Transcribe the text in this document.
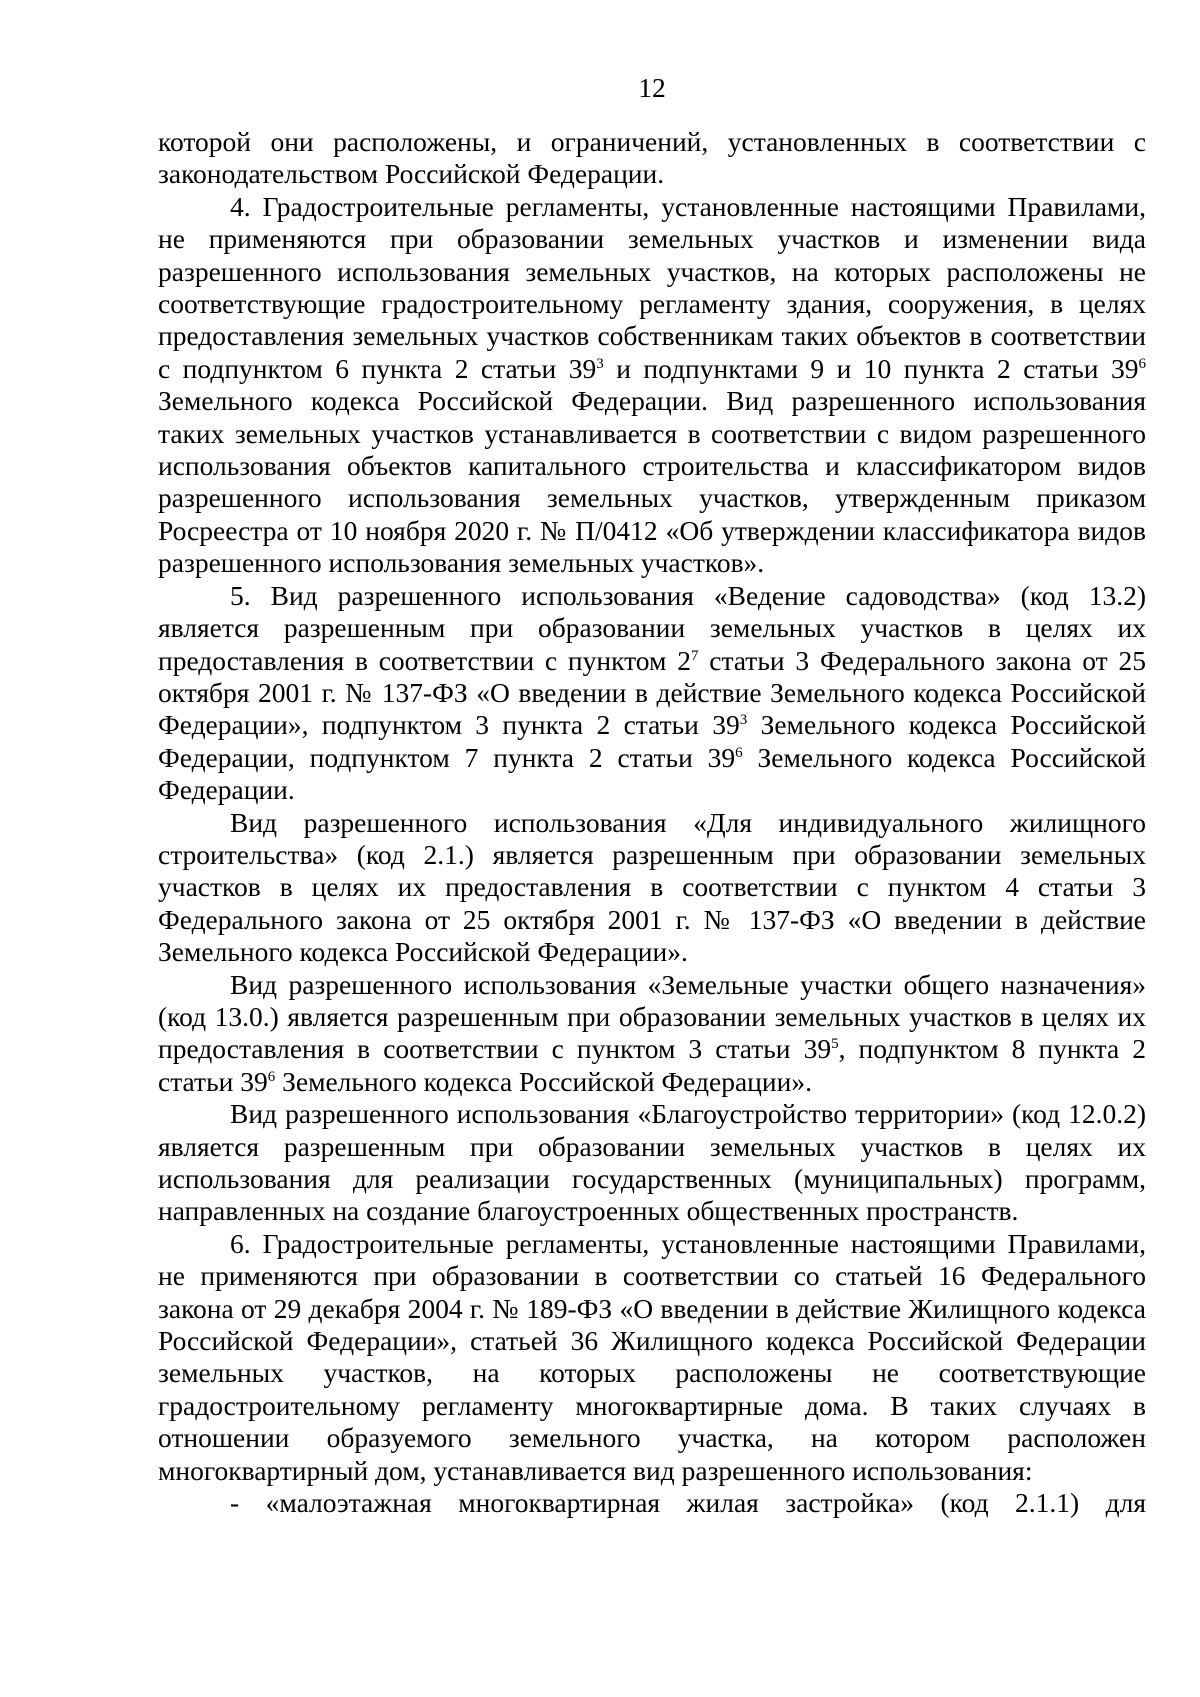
12

которой они расположены, и ограничений, установленных в соответствии с законодательством Российской Федерации.

4. Градостроительные регламенты, установленные настоящими Правилами, не применяются при образовании земельных участков и изменении вида разрешенного использования земельных участков, на которых расположены не соответствующие градостроительному регламенту здания, сооружения, в целях предоставления земельных участков собственникам таких объектов в соответствии с подпунктом 6 пункта 2 статьи $39^3$ и подпунктами 9 и 10 пункта 2 статьи $39^6$ Земельного кодекса Российской Федерации. Вид разрешенного использования таких земельных участков устанавливается в соответствии с видом разрешенного использования объектов капитального строительства и классификатором видов разрешенного использования земельных участков, утвержденным приказом Росреестра от 10 ноября 2020 г. № П/0412 «Об утверждении классификатора видов разрешенного использования земельных участков».

5. Вид разрешенного использования «Ведение садоводства» (код 13.2) является разрешенным при образовании земельных участков в целях их предоставления в соответствии с пунктом $2^7$ статьи 3 Федерального закона от 25 октября 2001 г. № 137-ФЗ «О введении в действие Земельного кодекса Российской Федерации», подпунктом 3 пункта 2 статьи $39^3$ Земельного кодекса Российской Федерации, подпунктом 7 пункта 2 статьи $39^6$ Земельного кодекса Российской Федерации.

Вид разрешенного использования «Для индивидуального жилищного строительства» (код 2.1.) является разрешенным при образовании земельных участков в целях их предоставления в соответствии с пунктом 4 статьи 3 Федерального закона от 25 октября 2001 г. № 137-ФЗ «О введении в действие Земельного кодекса Российской Федерации».

Вид разрешенного использования «Земельные участки общего назначения» (код 13.0.) является разрешенным при образовании земельных участков в целях их предоставления в соответствии с пунктом 3 статьи $39^5$, подпунктом 8 пункта 2 статьи $39^6$ Земельного кодекса Российской Федерации».

Вид разрешенного использования «Благоустройство территории» (код 12.0.2) является разрешенным при образовании земельных участков в целях их использования для реализации государственных (муниципальных) программ, направленных на создание благоустроенных общественных пространств.

6. Градостроительные регламенты, установленные настоящими Правилами, не применяются при образовании в соответствии со статьей 16 Федерального закона от 29 декабря 2004 г. № 189-ФЗ «О введении в действие Жилищного кодекса Российской Федерации», статьей 36 Жилищного кодекса Российской Федерации земельных участков, на которых расположены не соответствующие градостроительному регламенту многоквартирные дома. В таких случаях в отношении образуемого земельного участка, на котором расположен многоквартирный дом, устанавливается вид разрешенного использования:

- «малоэтажная многоквартирная жилая застройка» (код 2.1.1) для
